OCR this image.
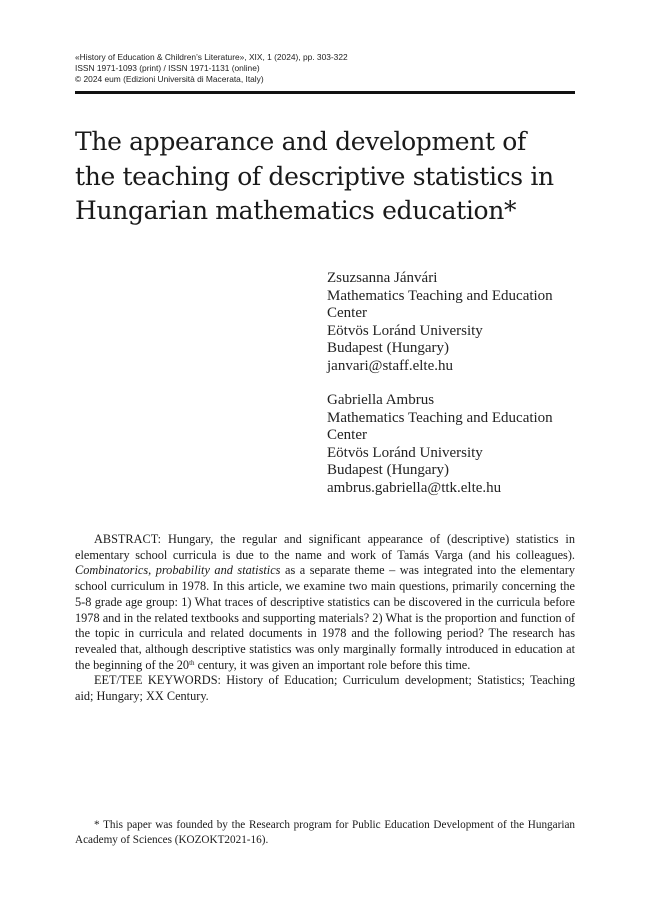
«History of Education & Children’s Literature», XIX, 1 (2024), pp. 303-322
ISSN 1971-1093 (print) / ISSN 1971-1131 (online)
© 2024 eum (Edizioni Università di Macerata, Italy)
The appearance and development of
the teaching of descriptive statistics in
Hungarian mathematics education*
Zsuzsanna Jánvári
Mathematics Teaching and Education
Center
Eötvös Loránd University
Budapest (Hungary)
janvari@staff.elte.hu
Gabriella Ambrus
Mathematics Teaching and Education
Center
Eötvös Loránd University
Budapest (Hungary)
ambrus.gabriella@ttk.elte.hu

ABSTRACT: Hungary, the regular and significant appearance of (descriptive) statistics in elementary school curricula is due to the name and work of Tamás Varga (and his colleagues). Combinatorics, probability and statistics as a separate theme – was integrated into the elementary school curriculum in 1978. In this article, we examine two main questions, primarily concerning the 5-8 grade age group: 1) What traces of descriptive statistics can be discovered in the curricula before 1978 and in the related textbooks and supporting materials? 2) What is the proportion and function of the topic in curricula and related documents in 1978 and the following period? The research has revealed that, although descriptive statistics was only marginally formally introduced in education at the beginning of the 20th century, it was given an important role before this time.

EET/TEE KEYWORDS: History of Education; Curriculum development; Statistics; Teaching aid; Hungary; XX Century.

* This paper was founded by the Research program for Public Education Development of the Hungarian Academy of Sciences (KOZOKT2021-16).
